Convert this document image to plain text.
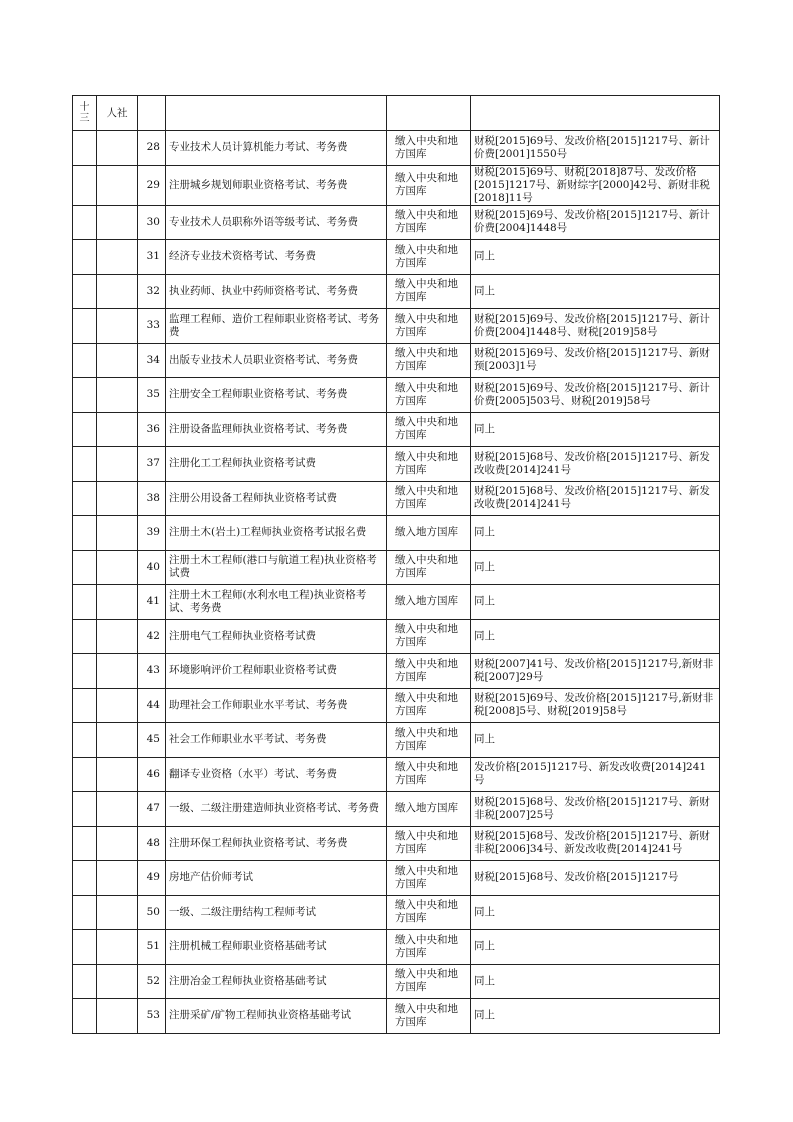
十三	人社				
		28	专业技术人员计算机能力考试、考务费	缴入中央和地方国库	财税[2015]69号、发改价格[2015]1217号、新计价费[2001]1550号
		29	注册城乡规划师职业资格考试、考务费	缴入中央和地方国库	财税[2015]69号、财税[2018]87号、发改价格[2015]1217号、新财综字[2000]42号、新财非税[2018]11号
		30	专业技术人员职称外语等级考试、考务费	缴入中央和地方国库	财税[2015]69号、发改价格[2015]1217号、新计价费[2004]1448号
		31	经济专业技术资格考试、考务费	缴入中央和地方国库	同上
		32	执业药师、执业中药师资格考试、考务费	缴入中央和地方国库	同上
		33	监理工程师、造价工程师职业资格考试、考务费	缴入中央和地方国库	财税[2015]69号、发改价格[2015]1217号、新计价费[2004]1448号、财税[2019]58号
		34	出版专业技术人员职业资格考试、考务费	缴入中央和地方国库	财税[2015]69号、发改价格[2015]1217号、新财预[2003]1号
		35	注册安全工程师职业资格考试、考务费	缴入中央和地方国库	财税[2015]69号、发改价格[2015]1217号、新计价费[2005]503号、财税[2019]58号
		36	注册设备监理师执业资格考试、考务费	缴入中央和地方国库	同上
		37	注册化工工程师执业资格考试费	缴入中央和地方国库	财税[2015]68号、发改价格[2015]1217号、新发改收费[2014]241号
		38	注册公用设备工程师执业资格考试费	缴入中央和地方国库	财税[2015]68号、发改价格[2015]1217号、新发改收费[2014]241号
		39	注册土木(岩土)工程师执业资格考试报名费	缴入地方国库	同上
		40	注册土木工程师(港口与航道工程)执业资格考试费	缴入中央和地方国库	同上
		41	注册土木工程师(水利水电工程)执业资格考试、考务费	缴入地方国库	同上
		42	注册电气工程师执业资格考试费	缴入中央和地方国库	同上
		43	环境影响评价工程师职业资格考试费	缴入中央和地方国库	财税[2007]41号、发改价格[2015]1217号,新财非税[2007]29号
		44	助理社会工作师职业水平考试、考务费	缴入中央和地方国库	财税[2015]69号、发改价格[2015]1217号,新财非税[2008]5号、财税[2019]58号
		45	社会工作师职业水平考试、考务费	缴入中央和地方国库	同上
		46	翻译专业资格（水平）考试、考务费	缴入中央和地方国库	发改价格[2015]1217号、新发改收费[2014]241号
		47	一级、二级注册建造师执业资格考试、考务费	缴入地方国库	财税[2015]68号、发改价格[2015]1217号、新财非税[2007]25号
		48	注册环保工程师执业资格考试、考务费	缴入中央和地方国库	财税[2015]68号、发改价格[2015]1217号、新财非税[2006]34号、新发改收费[2014]241号
		49	房地产估价师考试	缴入中央和地方国库	财税[2015]68号、发改价格[2015]1217号
		50	一级、二级注册结构工程师考试	缴入中央和地方国库	同上
		51	注册机械工程师职业资格基础考试	缴入中央和地方国库	同上
		52	注册冶金工程师执业资格基础考试	缴入中央和地方国库	同上
		53	注册采矿/矿物工程师执业资格基础考试	缴入中央和地方国库	同上
